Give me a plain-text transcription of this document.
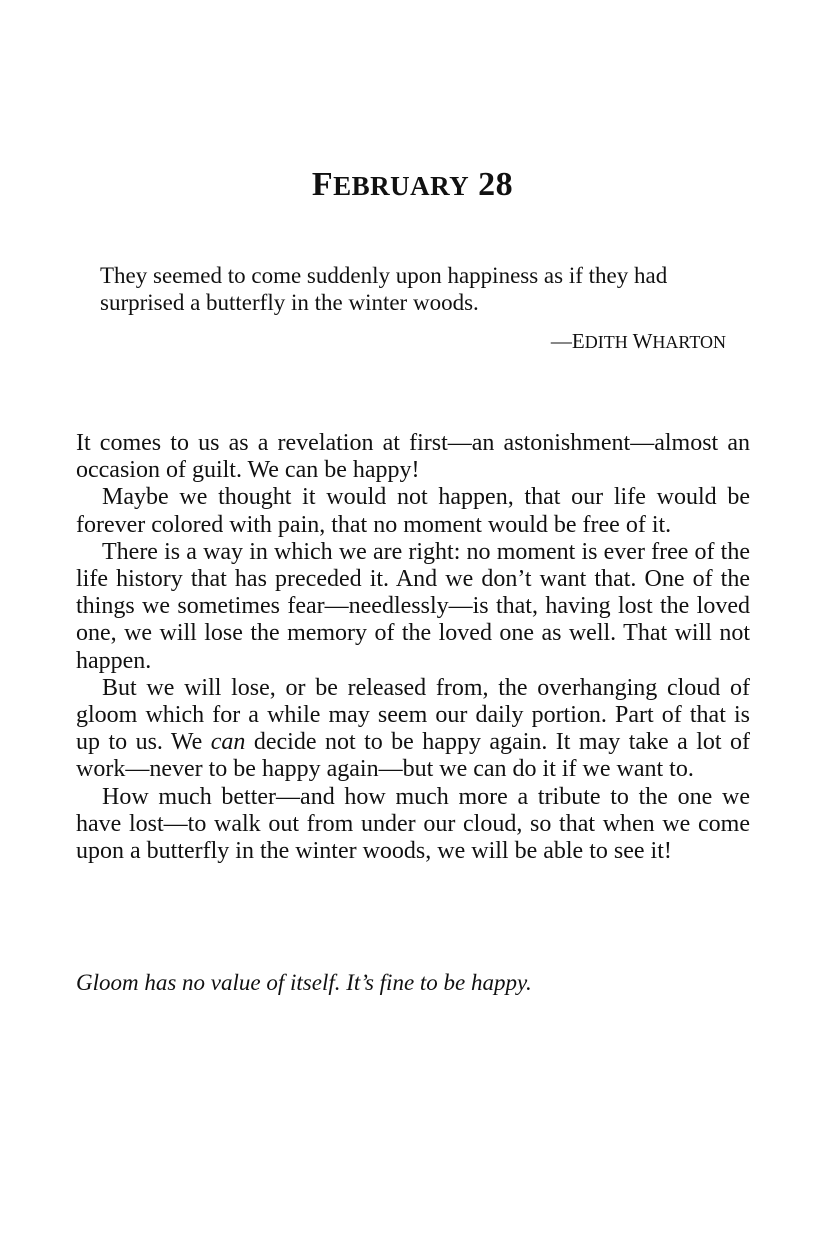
FEBRUARY 28

They seemed to come suddenly upon happiness as if they had surprised a butterfly in the winter woods.

—EDITH WHARTON

It comes to us as a revelation at first—an astonishment—almost an occasion of guilt. We can be happy!

Maybe we thought it would not happen, that our life would be forever colored with pain, that no moment would be free of it.

There is a way in which we are right: no moment is ever free of the life history that has preceded it. And we don’t want that. One of the things we sometimes fear—needlessly—is that, having lost the loved one, we will lose the memory of the loved one as well. That will not happen.

But we will lose, or be released from, the overhanging cloud of gloom which for a while may seem our daily portion. Part of that is up to us. We can decide not to be happy again. It may take a lot of work—never to be happy again—but we can do it if we want to.

How much better—and how much more a tribute to the one we have lost—to walk out from under our cloud, so that when we come upon a butterfly in the winter woods, we will be able to see it!

Gloom has no value of itself. It’s fine to be happy.
